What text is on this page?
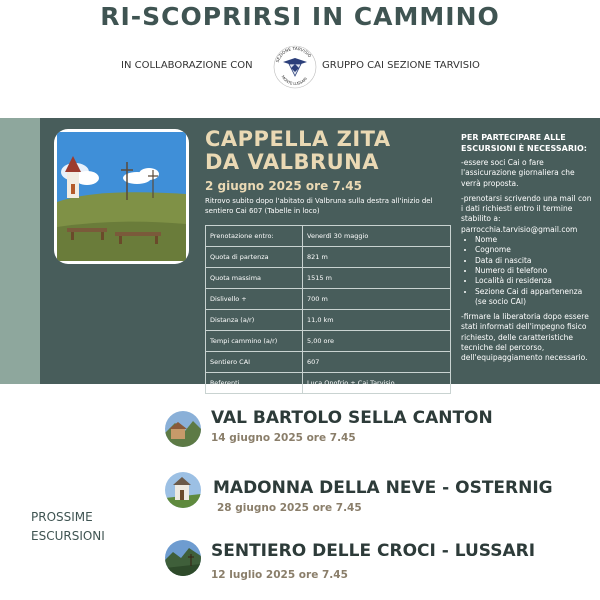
RI-SCOPRIRSI IN CAMMINO
IN COLLABORAZIONE CON	SEZIONE TARVISIO
MONTE LUSSARI
GRUPPO CAI SEZIONE TARVISIO
CAPPELLA ZITA
DA VALBRUNA
2 giugno 2025 ore 7.45
Ritrovo subito dopo l'abitato di Valbruna sulla destra all'inizio del sentiero Cai 607 (Tabelle in loco)
Prenotazione entro:	Venerdì 30 maggio
Quota di partenza	821 m
Quota massima	1515 m
Dislivello +	700 m
Distanza (a/r)	11,0 km
Tempi cammino (a/r)	5,00 ore
Sentiero CAI	607
Referenti	Luca Onofrio + Cai Tarvisio
PER PARTECIPARE ALLE ESCURSIONI È NECESSARIO:

-essere soci Cai o fare l'assicurazione giornaliera che verrà proposta.

-prenotarsi scrivendo una mail con i dati richiesti entro il termine stabilito a:
parrocchia.tarvisio@gmail.com

• Nome
• Cognome
• Data di nascita
• Numero di telefono
• Località di residenza
• Sezione Cai di appartenenza (se socio CAI)

-firmare la liberatoria dopo essere stati informati dell'impegno fisico richiesto, delle caratteristiche tecniche del percorso, dell'equipaggiamento necessario.

PROSSIME
ESCURSIONI
VAL BARTOLO SELLA CANTON
14 giugno 2025 ore 7.45
MADONNA DELLA NEVE - OSTERNIG
28 giugno 2025 ore 7.45
SENTIERO DELLE CROCI - LUSSARI
12 luglio 2025 ore 7.45
